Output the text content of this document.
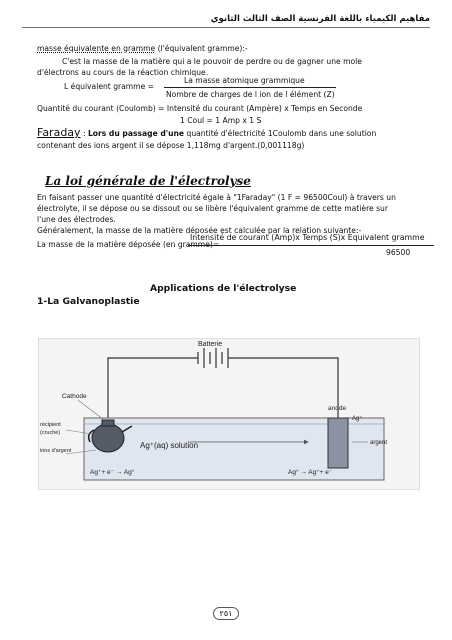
مفاهيم الكيمياء باللغة الفرنسية الصف الثالث الثانوي
masse équivalente en gramme (l'équivalent gramme):-
C'est la masse de la matière qui a le pouvoir de perdre ou de gagner une mole
d'électrons au cours de la réaction chimique.
La masse atomique grammique
L équivalent gramme =
Nombre de charges de l ion de l élément (Z)
Quantité du courant (Coulomb) = Intensité du courant (Ampère) x Temps en Seconde
1 Coul = 1 Amp x 1 S
Faraday : Lors du passage d'une quantité d'électricité 1Coulomb dans une solution
contenant des ions argent il se dépose 1,118mg d'argent.(0,001118g)
La loi générale de l'électrolyse
En faisant passer une quantité d'électricité égale à "1Faraday" (1 F = 96500Coul) à travers un
électrolyte, il se dépose ou se dissout ou se libère l'équivalent gramme de cette matière sur
l'une des électrodes.
Généralement, la masse de la matière déposée est calculée par la relation suivante:-
Intensité de courant (Amp)x Temps (S)x Equivalent gramme
La masse de la matière déposée (en gramme)=
96500
Applications de l'électrolyse
1-La Galvanoplastie
Batterie
Cathode
anode
récipient
(cruche)
ions d'argent
Ag⁺(aq) solution
Ag⁺
argent
Ag⁺+ e⁻ → Ag°	Ag° → Ag⁺+ e⁻
٢٥١
